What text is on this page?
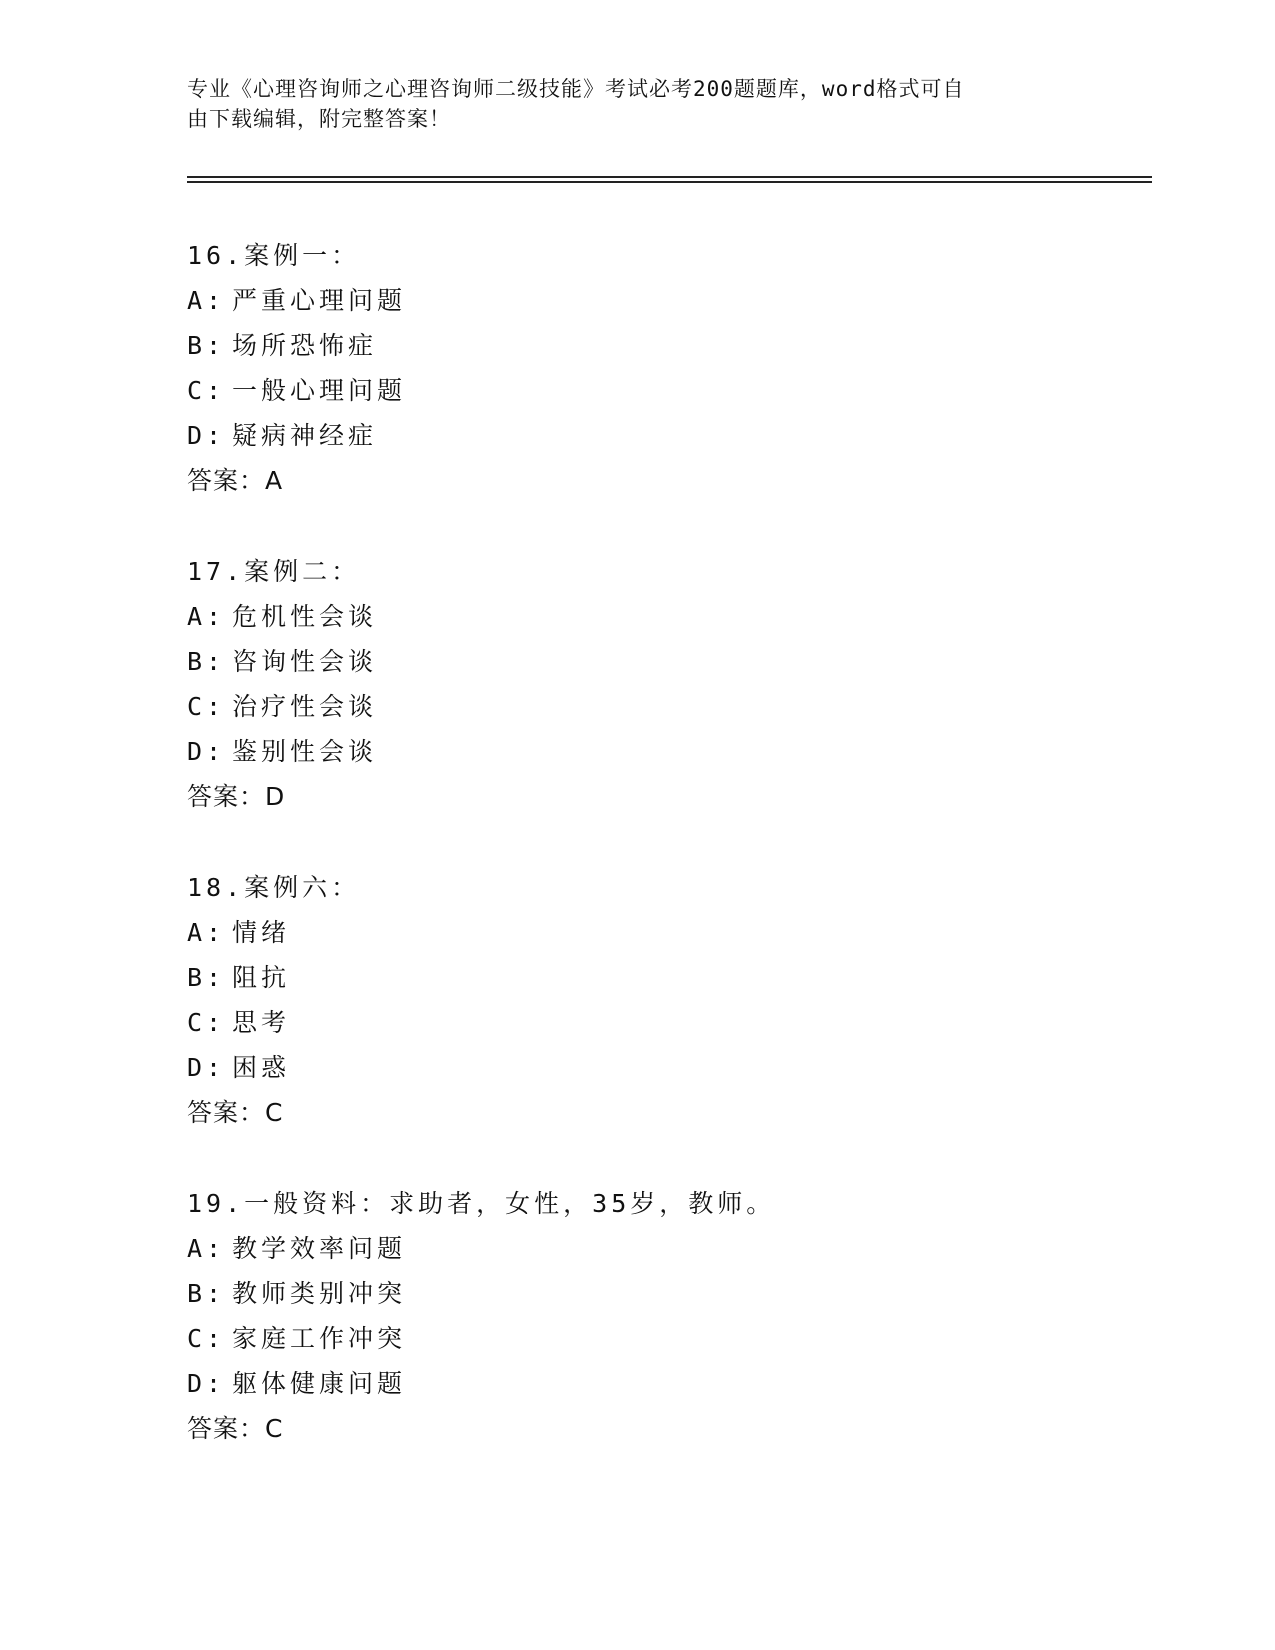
专业《心理咨询师之心理咨询师二级技能》考试必考200题题库，word格式可自
由下载编辑，附完整答案！
16.案例一：
A: 严重心理问题
B: 场所恐怖症
C: 一般心理问题
D: 疑病神经症
答案：A
17.案例二：
A: 危机性会谈
B: 咨询性会谈
C: 治疗性会谈
D: 鉴别性会谈
答案：D
18.案例六：
A: 情绪
B: 阻抗
C: 思考
D: 困惑
答案：C
19.一般资料：求助者，女性，35岁，教师。
A: 教学效率问题
B: 教师类别冲突
C: 家庭工作冲突
D: 躯体健康问题
答案：C
